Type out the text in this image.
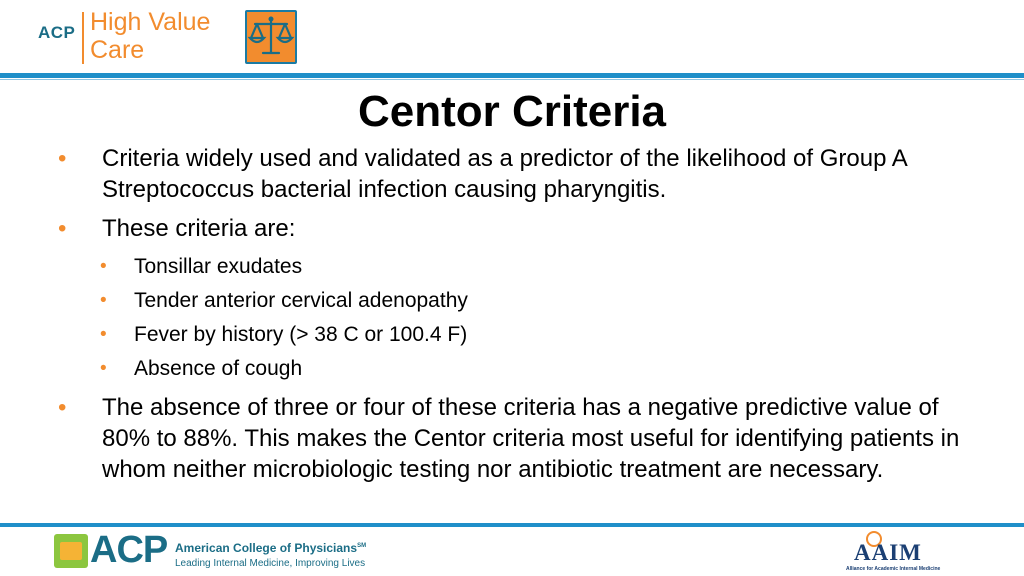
ACP High Value
Care
Centor Criteria
• Criteria widely used and validated as a predictor of the likelihood of Group A Streptococcus bacterial infection causing pharyngitis.
• These criteria are:
• Tonsillar exudates
• Tender anterior cervical adenopathy
• Fever by history (> 38 C or 100.4 F)
• Absence of cough
• The absence of three or four of these criteria has a negative predictive value of 80% to 88%. This makes the Centor criteria most useful for identifying patients in whom neither microbiologic testing nor antibiotic treatment are necessary.
ACP American College of Physicians℠
Leading Internal Medicine, Improving Lives	AAIM
Alliance for Academic Internal Medicine
